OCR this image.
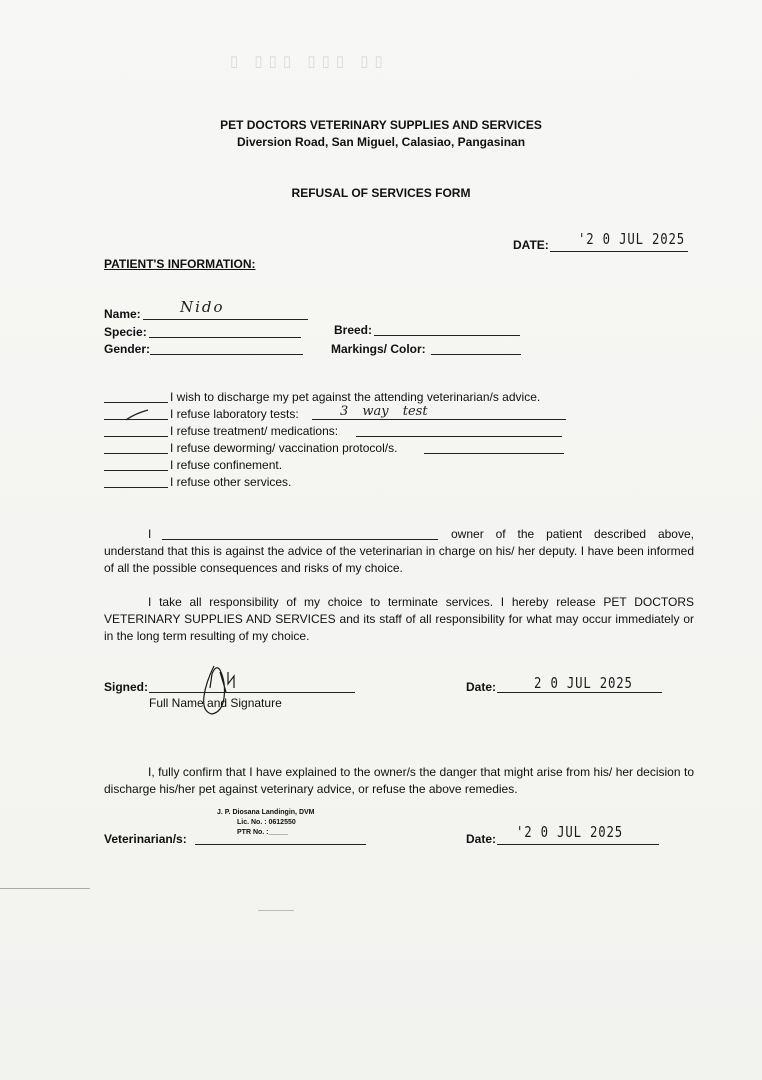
▯ ▯▯▯ ▯▯▯ ▯▯
PET DOCTORS VETERINARY SUPPLIES AND SERVICES
Diversion Road, San Miguel, Calasiao, Pangasinan
REFUSAL OF SERVICES FORM
DATE: '2 0 JUL 2025
PATIENT'S INFORMATION:
Name:	Nido
Specie:	Breed:
Gender:	Markings/ Color:
I wish to discharge my pet against the attending veterinarian/s advice.
I refuse laboratory tests:	3 way test
I refuse treatment/ medications:
I refuse deworming/ vaccination protocol/s.
I refuse confinement.
I refuse other services.
I	owner of the patient described above,
understand that this is against the advice of the veterinarian in charge on his/ her deputy. I have been informed of all the possible consequences and risks of my choice.
I take all responsibility of my choice to terminate services. I hereby release PET DOCTORS VETERINARY SUPPLIES AND SERVICES and its staff of all responsibility for what may occur immediately or in the long term resulting of my choice.
Signed:
Full Name and Signature
Date:	2 0 JUL 2025
I, fully confirm that I have explained to the owner/s the danger that might arise from his/ her decision to discharge his/her pet against veterinary advice, or refuse the above remedies.
Veterinarian/s:
J. P. Diosana Landingin, DVM
Lic. No. : 0612550
PTR No. :_____	Date: '2 0 JUL 2025
